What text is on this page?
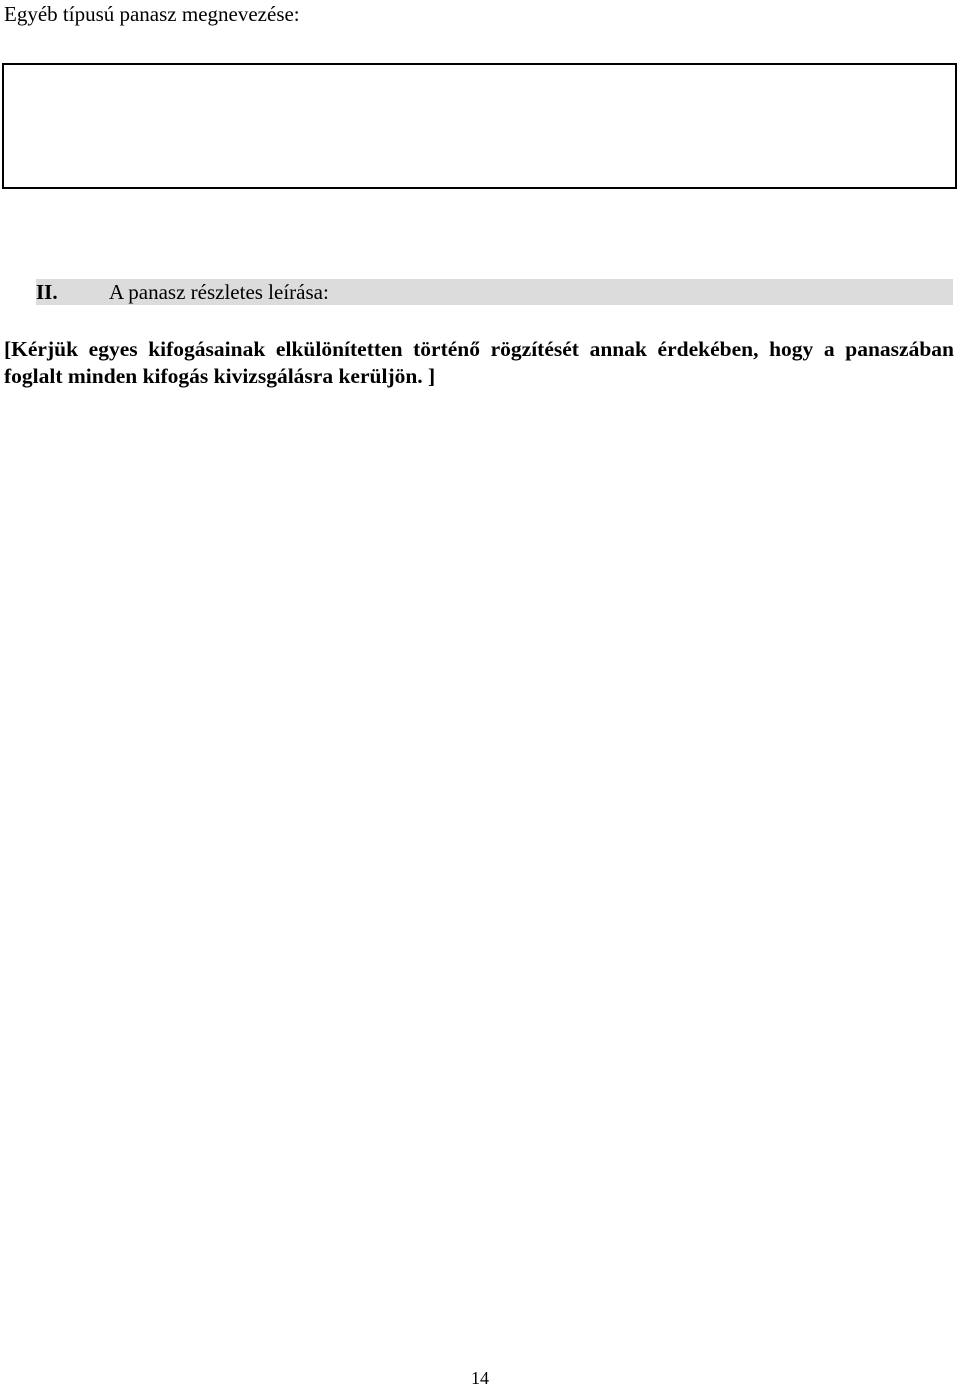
Egyéb típusú panasz megnevezése:
II. A panasz részletes leírása:
[Kérjük egyes kifogásainak elkülönítetten történő rögzítését annak érdekében, hogy a panaszában foglalt minden kifogás kivizsgálásra kerüljön. ]
14
